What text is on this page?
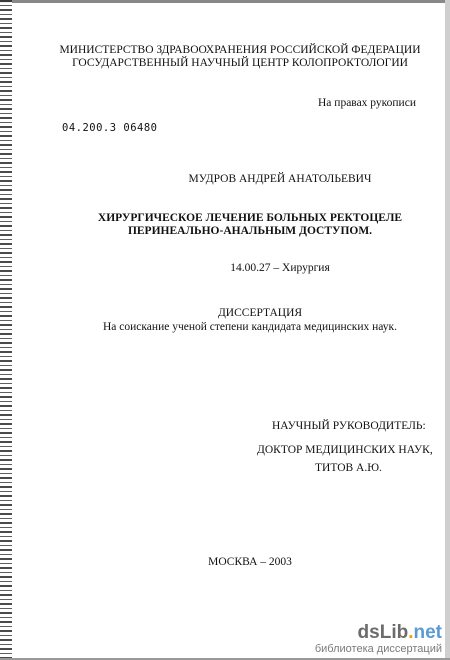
МИНИСТЕРСТВО ЗДРАВООХРАНЕНИЯ РОССИЙСКОЙ ФЕДЕРАЦИИ
ГОСУДАРСТВЕННЫЙ НАУЧНЫЙ ЦЕНТР КОЛОПРОКТОЛОГИИ
На правах рукописи
04.200.3 06480
МУДРОВ АНДРЕЙ АНАТОЛЬЕВИЧ
ХИРУРГИЧЕСКОЕ ЛЕЧЕНИЕ БОЛЬНЫХ РЕКТОЦЕЛЕ
ПЕРИНЕАЛЬНО-АНАЛЬНЫМ ДОСТУПОМ.
14.00.27 – Хирургия
ДИССЕРТАЦИЯ
На соискание ученой степени кандидата медицинских наук.
НАУЧНЫЙ РУКОВОДИТЕЛЬ:
ДОКТОР МЕДИЦИНСКИХ НАУК,
ТИТОВ А.Ю.
МОСКВА – 2003
dsLib.net
библиотека диссертаций
